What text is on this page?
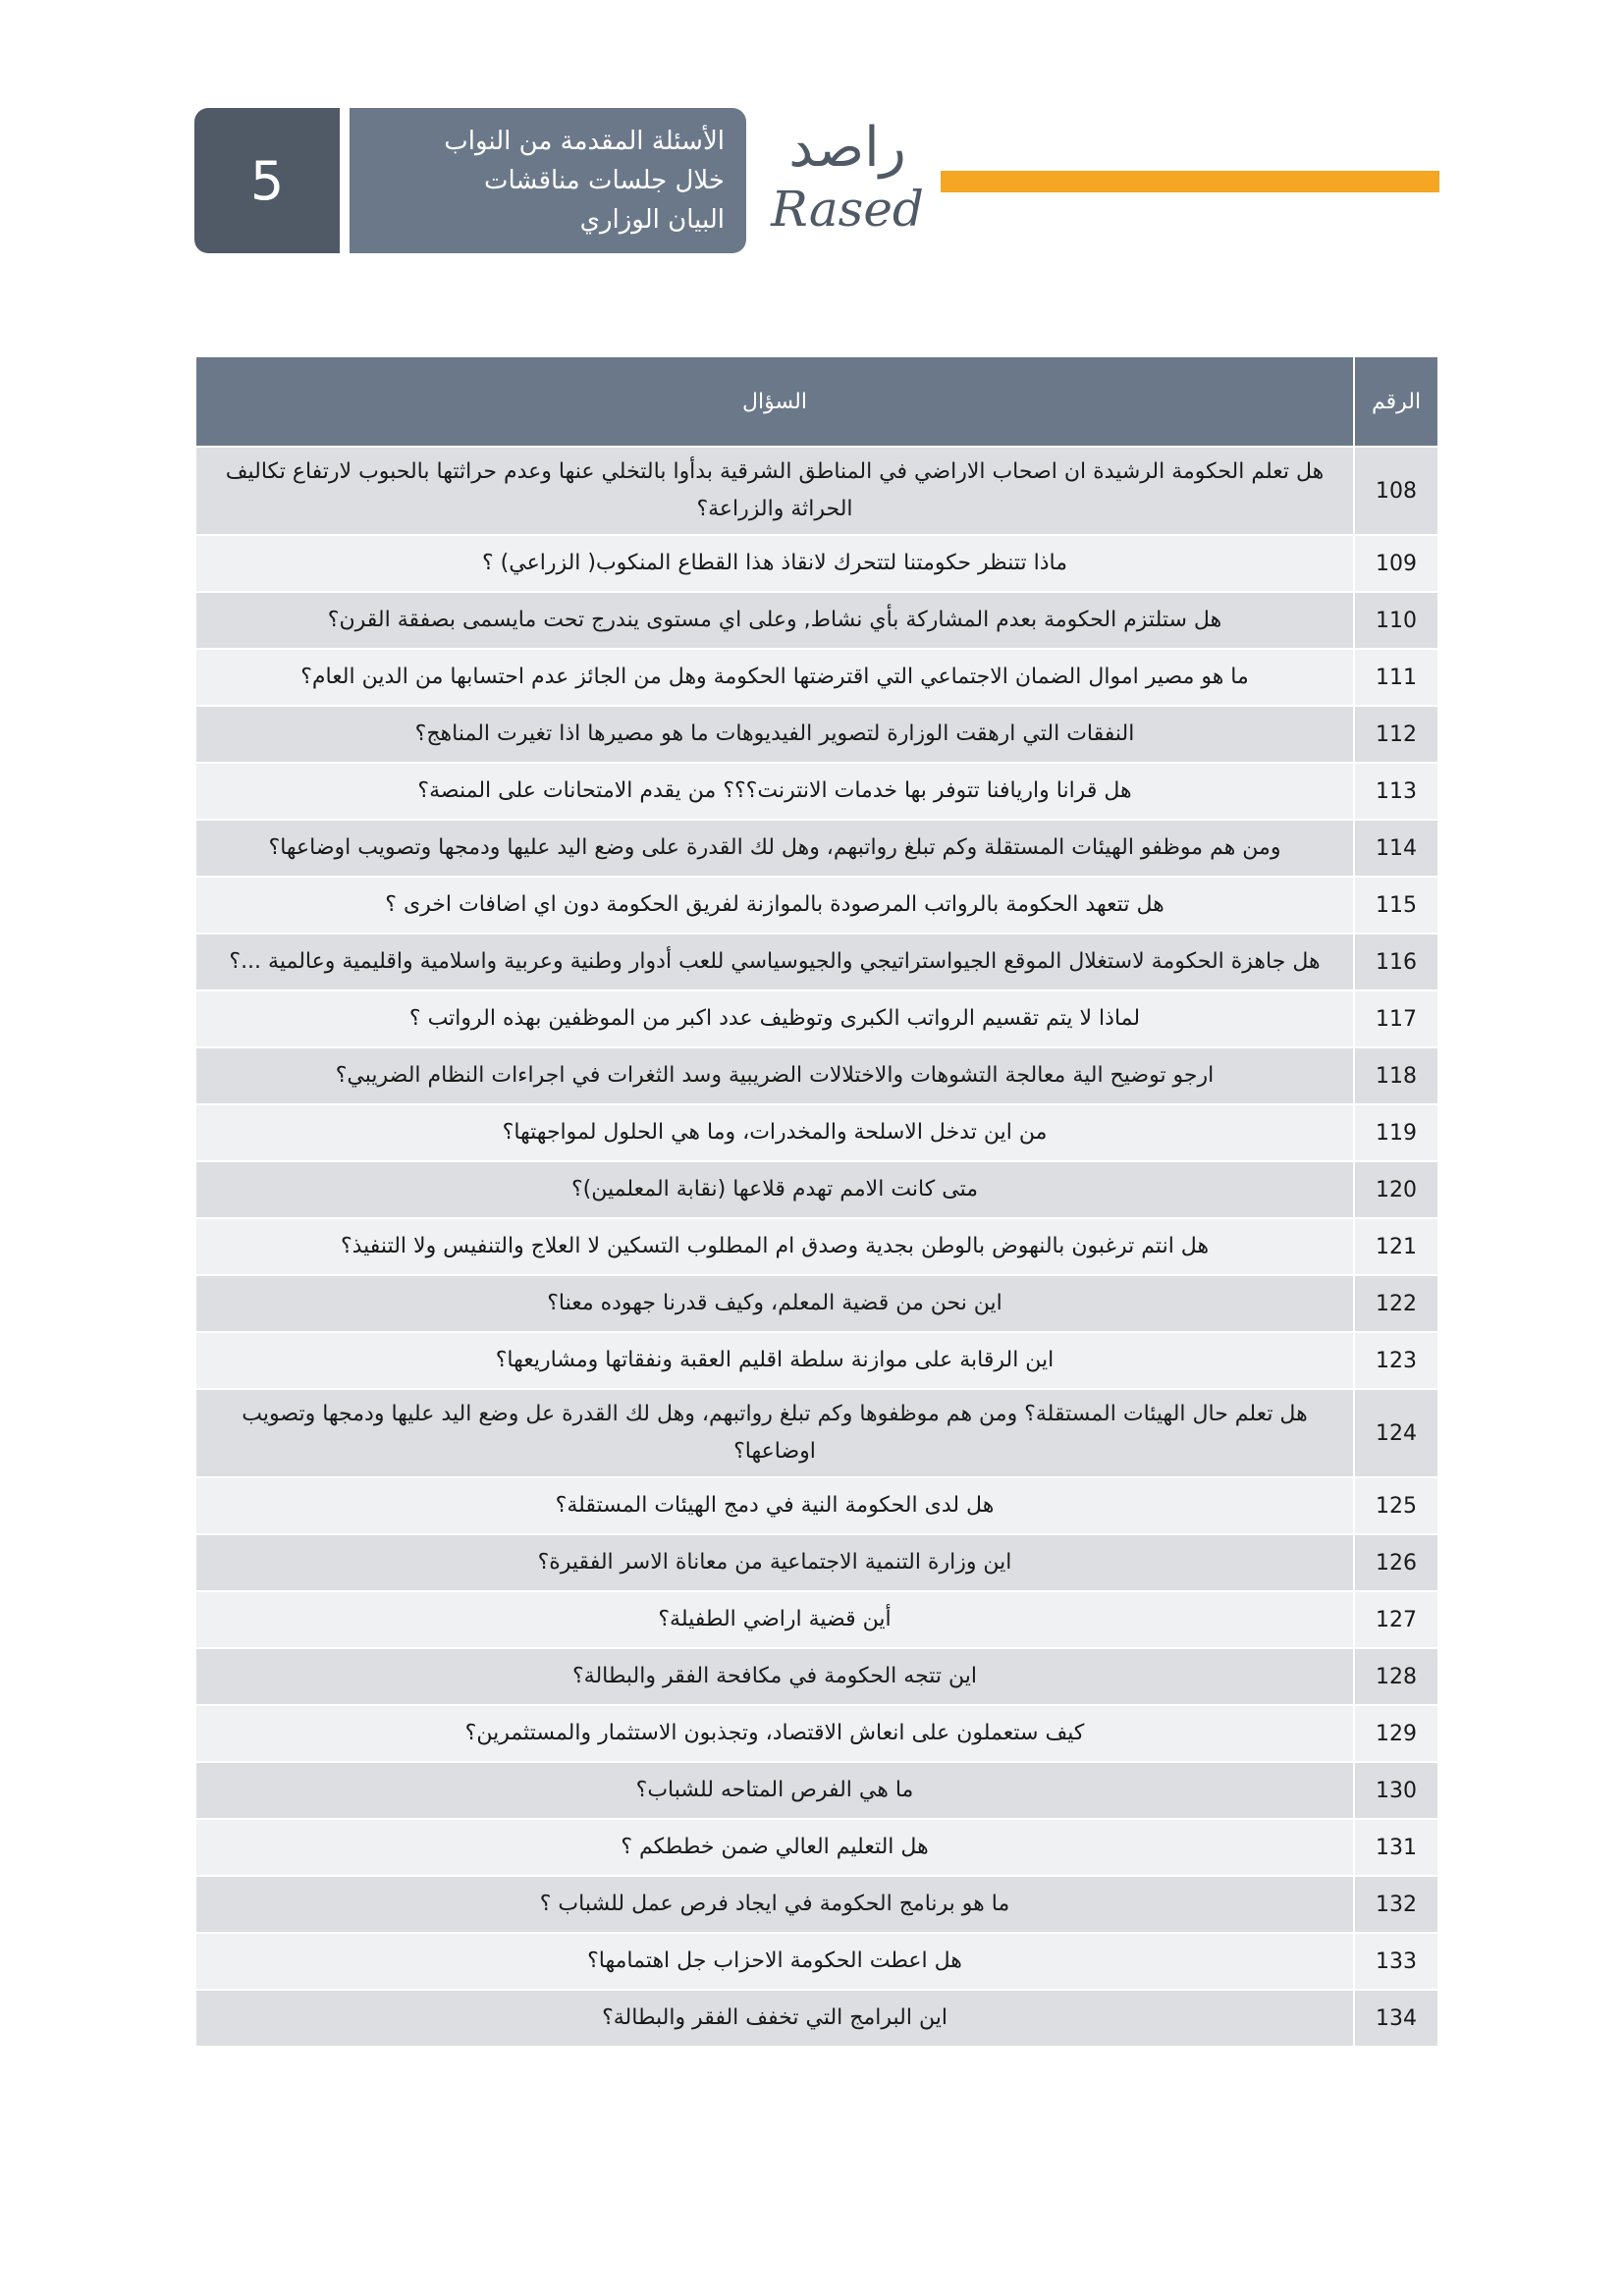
5
الأسئلة المقدمة من النواب
خلال جلسات مناقشات
البيان الوزاري
راصد
Rased
الرقم	السؤال
108	هل تعلم الحكومة الرشيدة ان اصحاب الاراضي في المناطق الشرقية بدأوا بالتخلي عنها وعدم حراثتها بالحبوب لارتفاع تكاليف الحراثة والزراعة؟
109	ماذا تتنظر حكومتنا لتتحرك لانقاذ هذا القطاع المنكوب( الزراعي) ؟
110	هل ستلتزم الحكومة بعدم المشاركة بأي نشاط, وعلى اي مستوى يندرج تحت مايسمى بصفقة القرن؟
111	ما هو مصير اموال الضمان الاجتماعي التي اقترضتها الحكومة وهل من الجائز عدم احتسابها من الدين العام؟
112	النفقات التي ارهقت الوزارة لتصوير الفيديوهات ما هو مصيرها اذا تغيرت المناهج؟
113	هل قرانا واريافنا تتوفر بها خدمات الانترنت؟؟؟ من يقدم الامتحانات على المنصة؟
114	ومن هم موظفو الهيئات المستقلة وكم تبلغ رواتبهم، وهل لك القدرة على وضع اليد عليها ودمجها وتصويب اوضاعها؟
115	هل تتعهد الحكومة بالرواتب المرصودة بالموازنة لفريق الحكومة دون اي اضافات اخرى ؟
116	هل جاهزة الحكومة لاستغلال الموقع الجيواستراتيجي والجيوسياسي للعب أدوار وطنية وعربية واسلامية واقليمية وعالمية ...؟
117	لماذا لا يتم تقسيم الرواتب الكبرى وتوظيف عدد اكبر من الموظفين بهذه الرواتب ؟
118	ارجو توضيح الية معالجة التشوهات والاختلالات الضريبية وسد الثغرات في اجراءات النظام الضريبي؟
119	من اين تدخل الاسلحة والمخدرات، وما هي الحلول لمواجهتها؟
120	متى كانت الامم تهدم قلاعها (نقابة المعلمين)؟
121	هل انتم ترغبون بالنهوض بالوطن بجدية وصدق ام المطلوب التسكين لا العلاج والتنفيس ولا التنفيذ؟
122	اين نحن من قضية المعلم، وكيف قدرنا جهوده معنا؟
123	اين الرقابة على موازنة سلطة اقليم العقبة ونفقاتها ومشاريعها؟
124	هل تعلم حال الهيئات المستقلة؟ ومن هم موظفوها وكم تبلغ رواتبهم، وهل لك القدرة عل وضع اليد عليها ودمجها وتصويب اوضاعها؟
125	هل لدى الحكومة النية في دمج الهيئات المستقلة؟
126	اين وزارة التنمية الاجتماعية من معاناة الاسر الفقيرة؟
127	أين قضية اراضي الطفيلة؟
128	اين تتجه الحكومة في مكافحة الفقر والبطالة؟
129	كيف ستعملون على انعاش الاقتصاد، وتجذبون الاستثمار والمستثمرين؟
130	ما هي الفرص المتاحه للشباب؟
131	هل التعليم العالي ضمن خططكم ؟
132	ما هو برنامج الحكومة في ايجاد فرص عمل للشباب ؟
133	هل اعطت الحكومة الاحزاب جل اهتمامها؟
134	اين البرامج التي تخفف الفقر والبطالة؟
